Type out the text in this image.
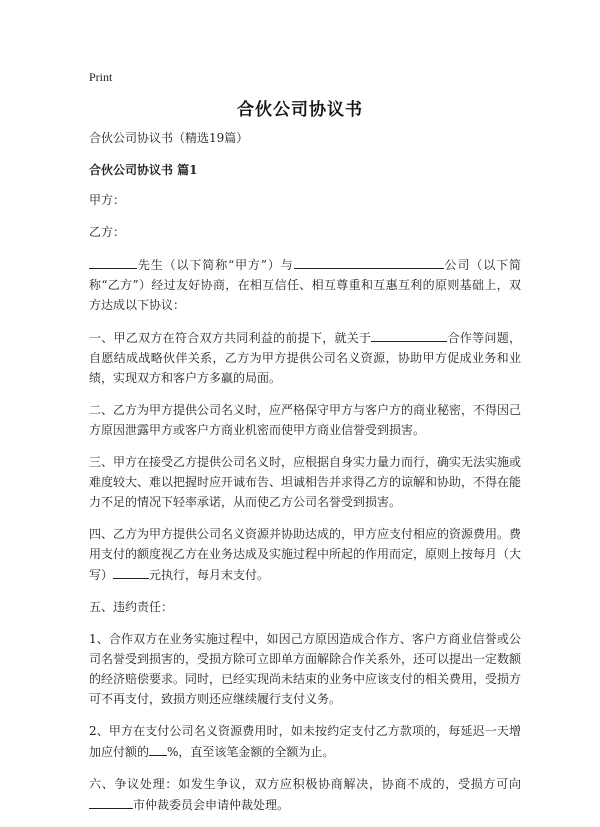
Print
合伙公司协议书

合伙公司协议书（精选19篇）

合伙公司协议书 篇1

甲方：

乙方：

先生（以下简称“甲方”）与	公司（以下简称“乙方”）经过友好协商，在相互信任、相互尊重和互惠互利的原则基础上，双方达成以下协议：

一、甲乙双方在符合双方共同利益的前提下，就关于	合作等问题，自愿结成战略伙伴关系，乙方为甲方提供公司名义资源，协助甲方促成业务和业绩，实现双方和客户方多赢的局面。

二、乙方为甲方提供公司名义时，应严格保守甲方与客户方的商业秘密，不得因己方原因泄露甲方或客户方商业机密而使甲方商业信誉受到损害。

三、甲方在接受乙方提供公司名义时，应根据自身实力量力而行，确实无法实施或难度较大、难以把握时应开诚布告、坦诚相告并求得乙方的谅解和协助，不得在能力不足的情况下轻率承诺，从而使乙方公司名誉受到损害。

四、乙方为甲方提供公司名义资源并协助达成的，甲方应支付相应的资源费用。费用支付的额度视乙方在业务达成及实施过程中所起的作用而定，原则上按每月（大写）	元执行，每月末支付。

五、违约责任：

1、合作双方在业务实施过程中，如因己方原因造成合作方、客户方商业信誉或公司名誉受到损害的，受损方除可立即单方面解除合作关系外，还可以提出一定数额的经济赔偿要求。同时，已经实现尚未结束的业务中应该支付的相关费用，受损方可不再支付，致损方则还应继续履行支付义务。

2、甲方在支付公司名义资源费用时，如未按约定支付乙方款项的，每延迟一天增加应付额的 %，直至该笔金额的全额为止。

六、争议处理：如发生争议，双方应积极协商解决，协商不成的，受损方可向市仲裁委员会申请仲裁处理。
